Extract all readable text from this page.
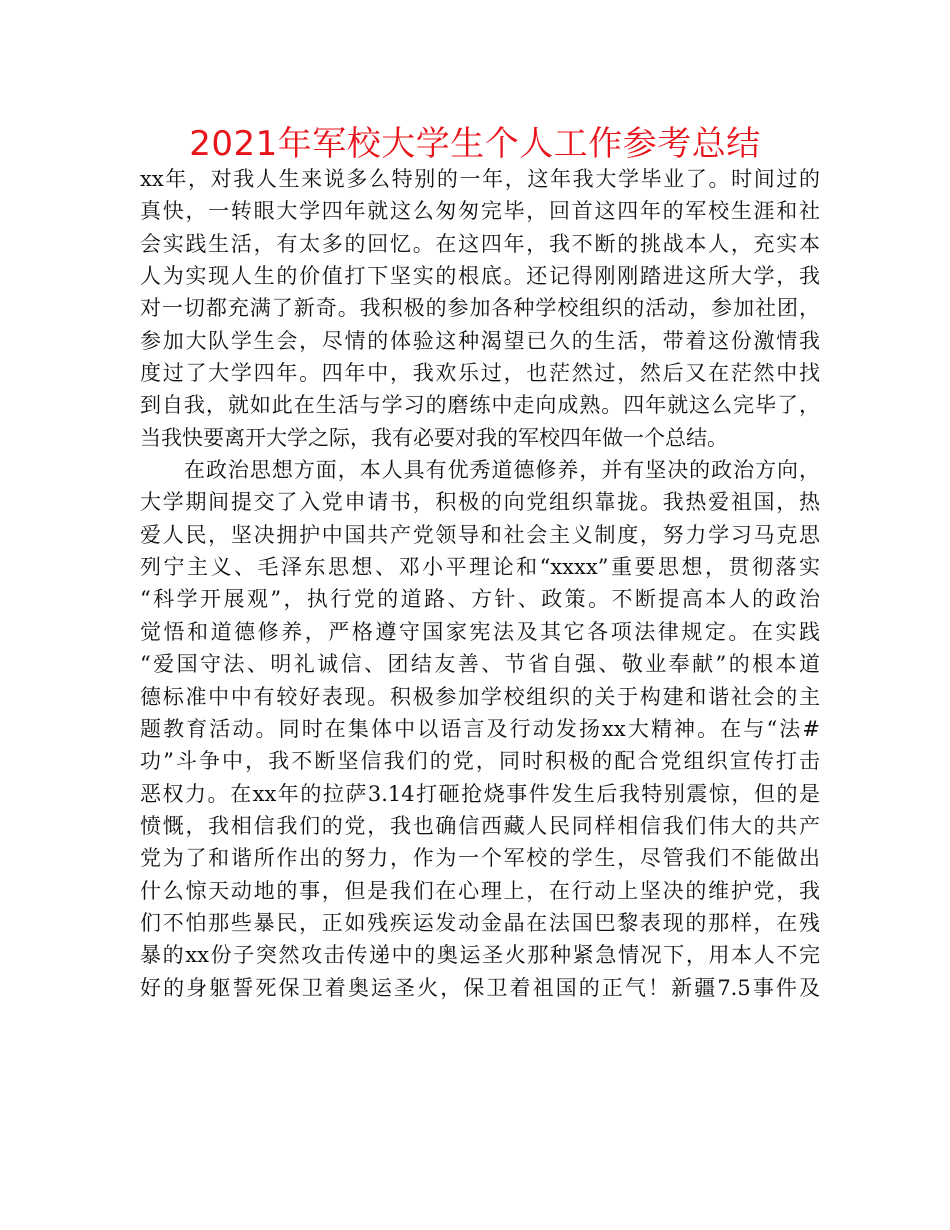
2021年军校大学生个人工作参考总结

xx年，对我人生来说多么特别的一年，这年我大学毕业了。时间过的
真快，一转眼大学四年就这么匆匆完毕，回首这四年的军校生涯和社
会实践生活，有太多的回忆。在这四年，我不断的挑战本人，充实本
人为实现人生的价值打下坚实的根底。还记得刚刚踏进这所大学，我
对一切都充满了新奇。我积极的参加各种学校组织的活动，参加社团，
参加大队学生会，尽情的体验这种渴望已久的生活，带着这份激情我
度过了大学四年。四年中，我欢乐过，也茫然过，然后又在茫然中找
到自我，就如此在生活与学习的磨练中走向成熟。四年就这么完毕了，
当我快要离开大学之际，我有必要对我的军校四年做一个总结。

在政治思想方面，本人具有优秀道德修养，并有坚决的政治方向，
大学期间提交了入党申请书，积极的向党组织靠拢。我热爱祖国，热
爱人民，坚决拥护中国共产党领导和社会主义制度，努力学习马克思
列宁主义、毛泽东思想、邓小平理论和“xxxx”重要思想，贯彻落实
“科学开展观”，执行党的道路、方针、政策。不断提高本人的政治
觉悟和道德修养，严格遵守国家宪法及其它各项法律规定。在实践
“爱国守法、明礼诚信、团结友善、节省自强、敬业奉献”的根本道
德标准中中有较好表现。积极参加学校组织的关于构建和谐社会的主
题教育活动。同时在集体中以语言及行动发扬xx大精神。在与“法#
功”斗争中，我不断坚信我们的党，同时积极的配合党组织宣传打击
恶权力。在xx年的拉萨3.14打砸抢烧事件发生后我特别震惊，但的是
愤慨，我相信我们的党，我也确信西藏人民同样相信我们伟大的共产
党为了和谐所作出的努力，作为一个军校的学生，尽管我们不能做出
什么惊天动地的事，但是我们在心理上，在行动上坚决的维护党，我
们不怕那些暴民，正如残疾运发动金晶在法国巴黎表现的那样，在残
暴的xx份子突然攻击传递中的奥运圣火那种紧急情况下，用本人不完
好的身躯誓死保卫着奥运圣火，保卫着祖国的正气！新疆7.5事件及
